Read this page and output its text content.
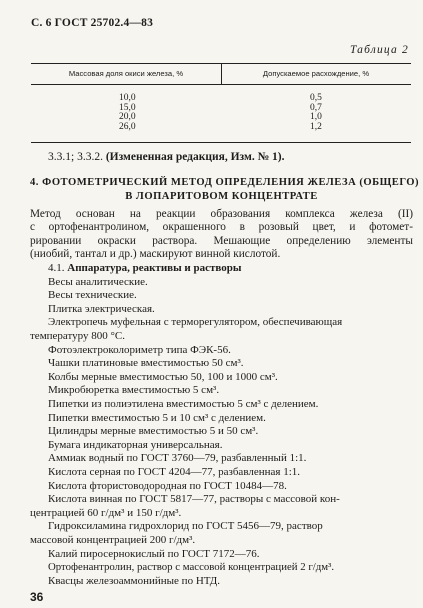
С. 6 ГОСТ 25702.4—83
Таблица 2
Массовая доля окиси железа, %	Допускаемое расхождение, %
10,0
15,0
20,0
26,0
0,5
0,7
1,0
1,2
3.3.1; 3.3.2. (Измененная редакция, Изм. № 1).
4. ФОТОМЕТРИЧЕСКИЙ МЕТОД ОПРЕДЕЛЕНИЯ ЖЕЛЕЗА (ОБЩЕГО)
В ЛОПАРИТОВОМ КОНЦЕНТРАТЕ
Метод основан на реакции образования комплекса железа (II)
с ортофенантролином, окрашенного в розовый цвет, и фотомет-
рировании окраски раствора. Мешающие определению элементы
(ниобий, тантал и др.) маскируют винной кислотой.
4.1. Аппаратура, реактивы и растворы
Весы аналитические.
Весы технические.
Плитка электрическая.
Электропечь муфельная с терморегулятором, обеспечивающая
температуру 800 °С.
Фотоэлектроколориметр типа ФЭК-56.
Чашки платиновые вместимостью 50 см³.
Колбы мерные вместимостью 50, 100 и 1000 см³.
Микробюретка вместимостью 5 см³.
Пипетки из полиэтилена вместимостью 5 см³ с делением.
Пипетки вместимостью 5 и 10 см³ с делением.
Цилиндры мерные вместимостью 5 и 50 см³.
Бумага индикаторная универсальная.
Аммиак водный по ГОСТ 3760—79, разбавленный 1:1.
Кислота серная по ГОСТ 4204—77, разбавленная 1:1.
Кислота фтористоводородная по ГОСТ 10484—78.
Кислота винная по ГОСТ 5817—77, растворы с массовой кон-
центрацией 60 г/дм³ и 150 г/дм³.
Гидроксиламина гидрохлорид по ГОСТ 5456—79, раствор
массовой концентрацией 200 г/дм³.
Калий пиросернокислый по ГОСТ 7172—76.
Ортофенантролин, раствор с массовой концентрацией 2 г/дм³.
Квасцы железоаммонийные по НТД.
36
